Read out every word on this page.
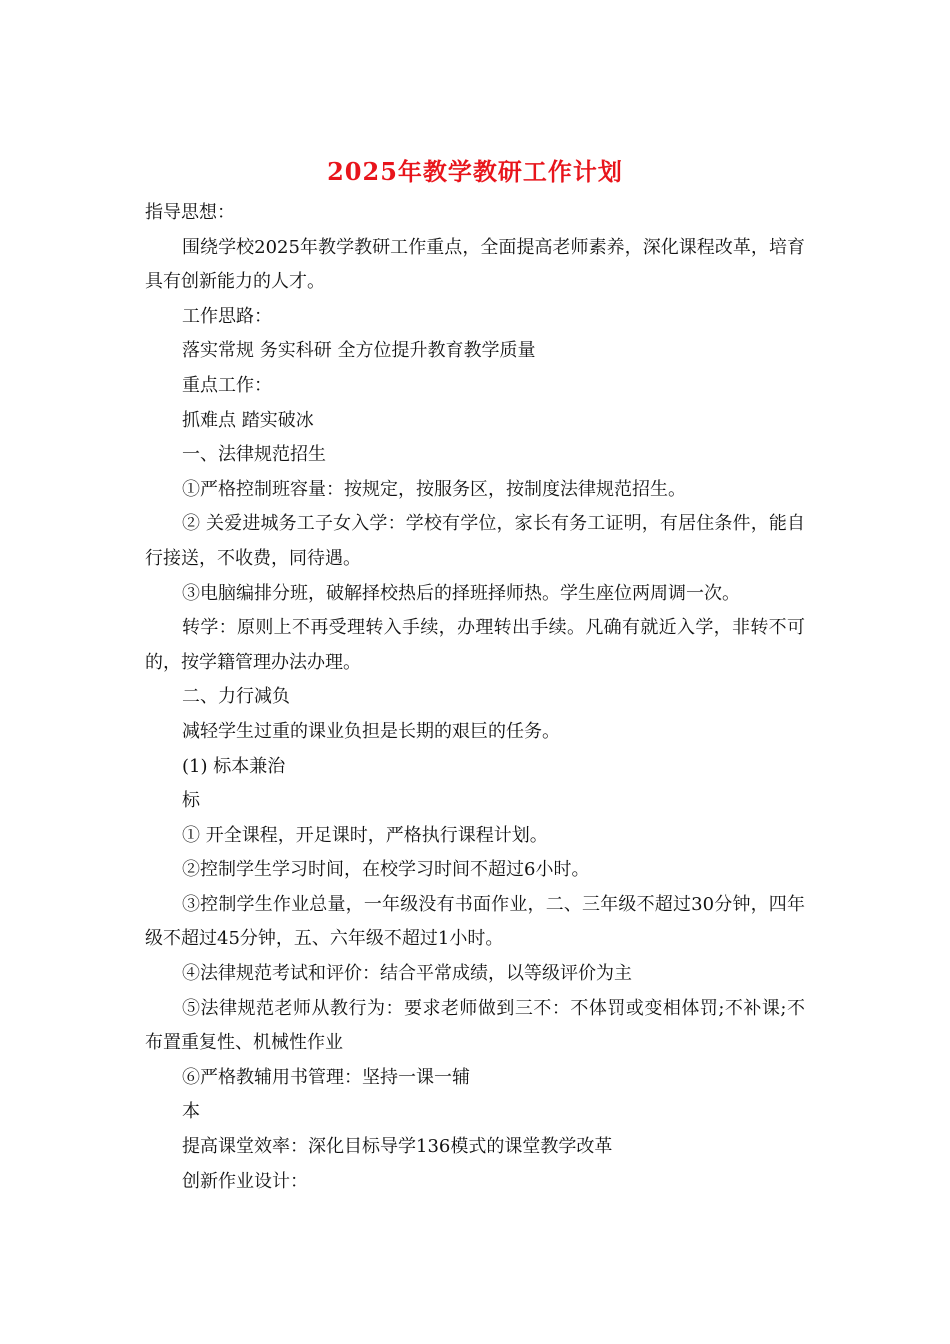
2025年教学教研工作计划

指导思想：

围绕学校2025年教学教研工作重点，全面提高老师素养，深化课程改革，培育具有创新能力的人才。

工作思路：

落实常规 务实科研 全方位提升教育教学质量

重点工作：

抓难点 踏实破冰

一、法律规范招生

①严格控制班容量：按规定，按服务区，按制度法律规范招生。

② 关爱进城务工子女入学：学校有学位，家长有务工证明，有居住条件，能自行接送，不收费，同待遇。

③电脑编排分班，破解择校热后的择班择师热。学生座位两周调一次。

转学：原则上不再受理转入手续，办理转出手续。凡确有就近入学，非转不可的，按学籍管理办法办理。

二、力行减负

减轻学生过重的课业负担是长期的艰巨的任务。

(1) 标本兼治

标

① 开全课程，开足课时，严格执行课程计划。

②控制学生学习时间，在校学习时间不超过6小时。

③控制学生作业总量，一年级没有书面作业，二、三年级不超过30分钟，四年级不超过45分钟，五、六年级不超过1小时。

④法律规范考试和评价：结合平常成绩，以等级评价为主

⑤法律规范老师从教行为：要求老师做到三不：不体罚或变相体罚;不补课;不布置重复性、机械性作业

⑥严格教辅用书管理：坚持一课一辅

本

提高课堂效率：深化目标导学136模式的课堂教学改革

创新作业设计：
